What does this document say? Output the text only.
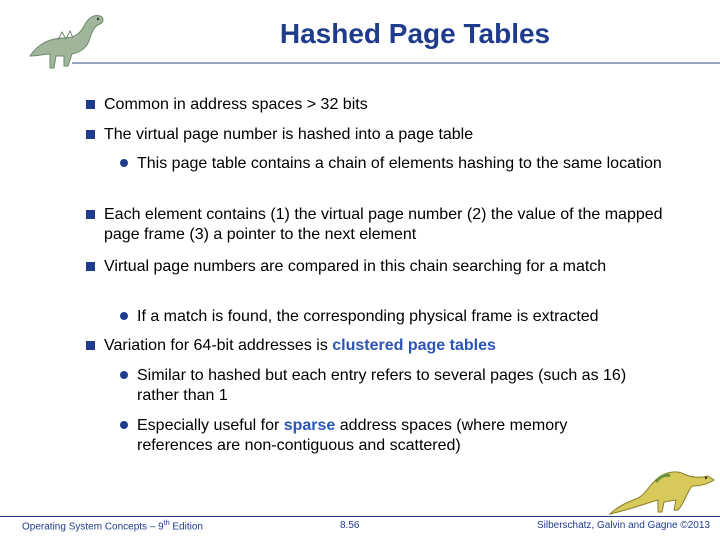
Hashed Page Tables
Common in address spaces > 32 bits
The virtual page number is hashed into a page table
This page table contains a chain of elements hashing to the same location
Each element contains (1) the virtual page number (2) the value of the mapped page frame (3) a pointer to the next element
Virtual page numbers are compared in this chain searching for a match
If a match is found, the corresponding physical frame is extracted
Variation for 64-bit addresses is clustered page tables
Similar to hashed but each entry refers to several pages (such as 16) rather than 1
Especially useful for sparse address spaces (where memory references are non-contiguous and scattered)
Operating System Concepts – 9th Edition	8.56	Silberschatz, Galvin and Gagne ©2013
